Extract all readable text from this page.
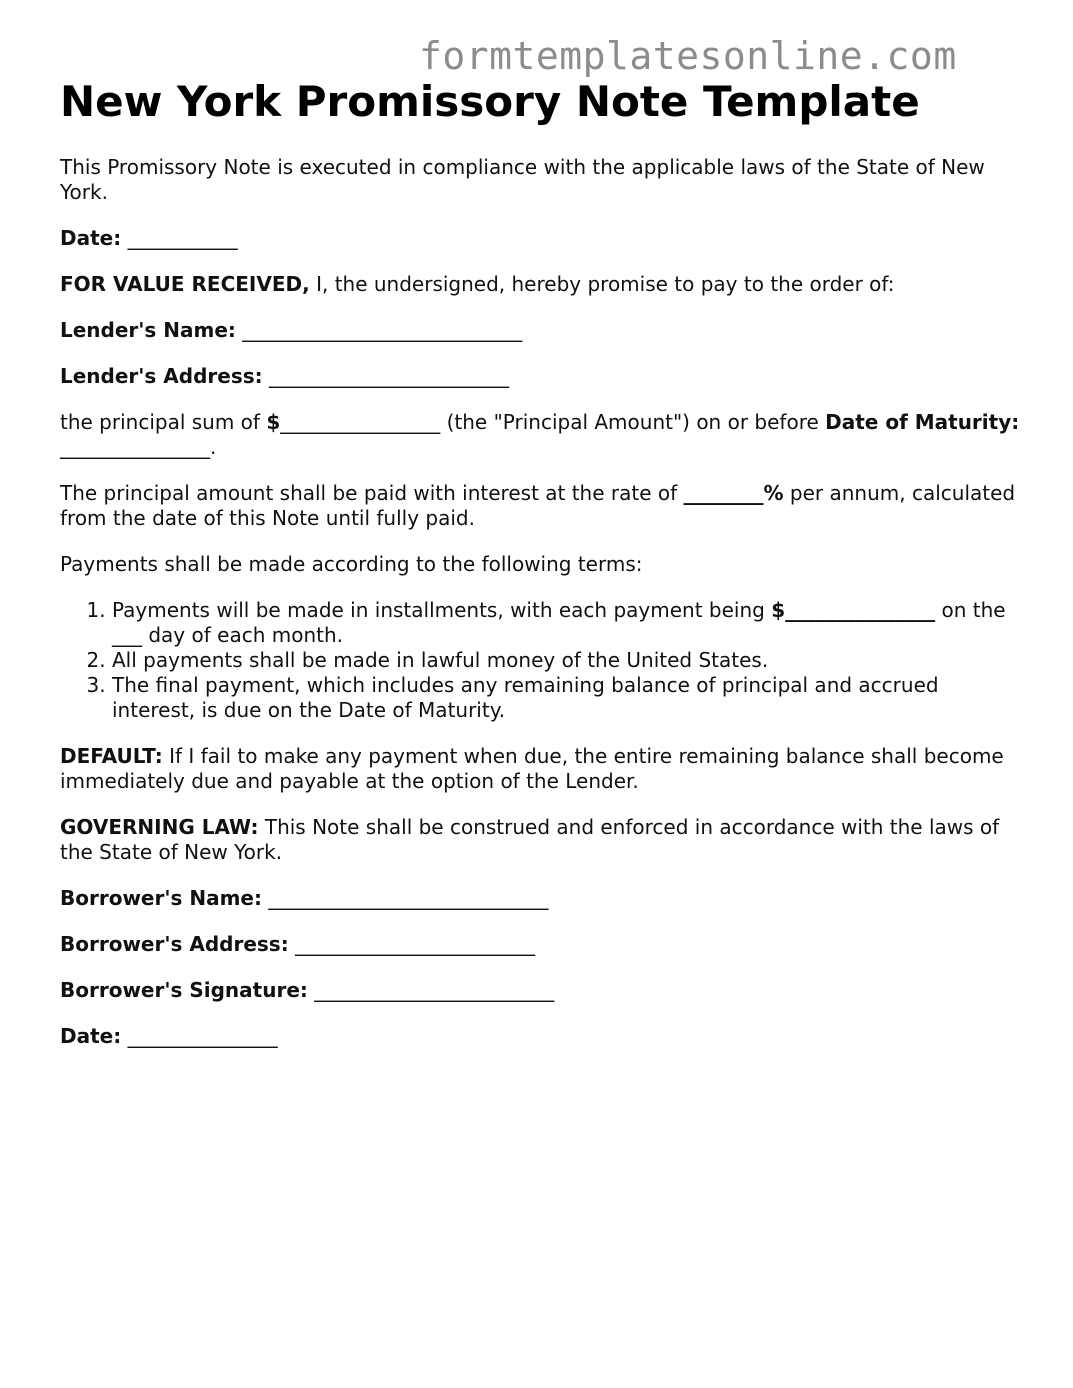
formtemplatesonline.com
New York Promissory Note Template

This Promissory Note is executed in compliance with the applicable laws of the State of New York.

Date: ___________

FOR VALUE RECEIVED, I, the undersigned, hereby promise to pay to the order of:

Lender's Name: ____________________________

Lender's Address: ________________________

the principal sum of $________________ (the "Principal Amount") on or before Date of Maturity: _______________.

The principal amount shall be paid with interest at the rate of ________% per annum, calculated from the date of this Note until fully paid.

Payments shall be made according to the following terms:

1. Payments will be made in installments, with each payment being $_______________ on the ___ day of each month.
2. All payments shall be made in lawful money of the United States.
3. The final payment, which includes any remaining balance of principal and accrued interest, is due on the Date of Maturity.

DEFAULT: If I fail to make any payment when due, the entire remaining balance shall become immediately due and payable at the option of the Lender.

GOVERNING LAW: This Note shall be construed and enforced in accordance with the laws of the State of New York.

Borrower's Name: ____________________________

Borrower's Address: ________________________

Borrower's Signature: ________________________

Date: _______________
